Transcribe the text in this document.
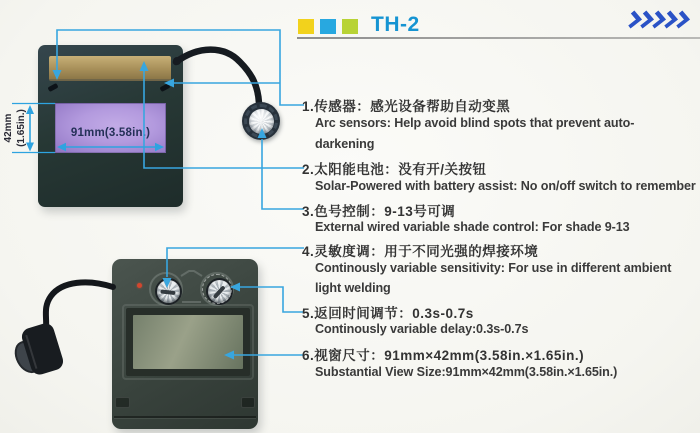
TH-2
91mm(3.58in.)
42mm (1.65in.)
1.传感器：感光设备帮助自动变黑
Arc sensors: Help avoid blind spots that prevent auto-
darkening
2.太阳能电池：没有开/关按钮
Solar-Powered with battery assist: No on/off switch to remember
3.色号控制：9-13号可调
External wired variable shade control: For shade 9-13
4.灵敏度调：用于不同光强的焊接环境
Continously variable sensitivity: For use in different ambient
light welding
5.返回时间调节：0.3s-0.7s
Continously variable delay:0.3s-0.7s
6.视窗尺寸：91mm×42mm(3.58in.×1.65in.)
Substantial View Size:91mm×42mm(3.58in.×1.65in.)
